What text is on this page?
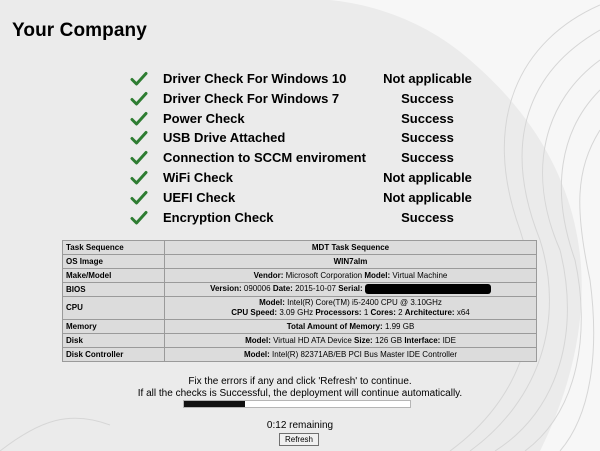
Your Company
Driver Check For Windows 10	Not applicable
Driver Check For Windows 7	Success
Power Check	Success
USB Drive Attached	Success
Connection to SCCM enviroment	Success
WiFi Check	Not applicable
UEFI Check	Not applicable
Encryption Check	Success
Task Sequence	MDT Task Sequence
OS Image	WIN7alm
Make/Model	Vendor: Microsoft Corporation Model: Virtual Machine
BIOS	Version: 090006 Date: 2015-10-07 Serial:
CPU	Model: Intel(R) Core(TM) i5-2400 CPU @ 3.10GHz
CPU Speed: 3.09 GHz Processors: 1 Cores: 2 Architecture: x64
Memory	Total Amount of Memory: 1.99 GB
Disk	Model: Virtual HD ATA Device Size: 126 GB Interface: IDE
Disk Controller	Model: Intel(R) 82371AB/EB PCI Bus Master IDE Controller
Fix the errors if any and click 'Refresh' to continue.
If all the checks is Successful, the deployment will continue automatically.
0:12 remaining
Refresh
